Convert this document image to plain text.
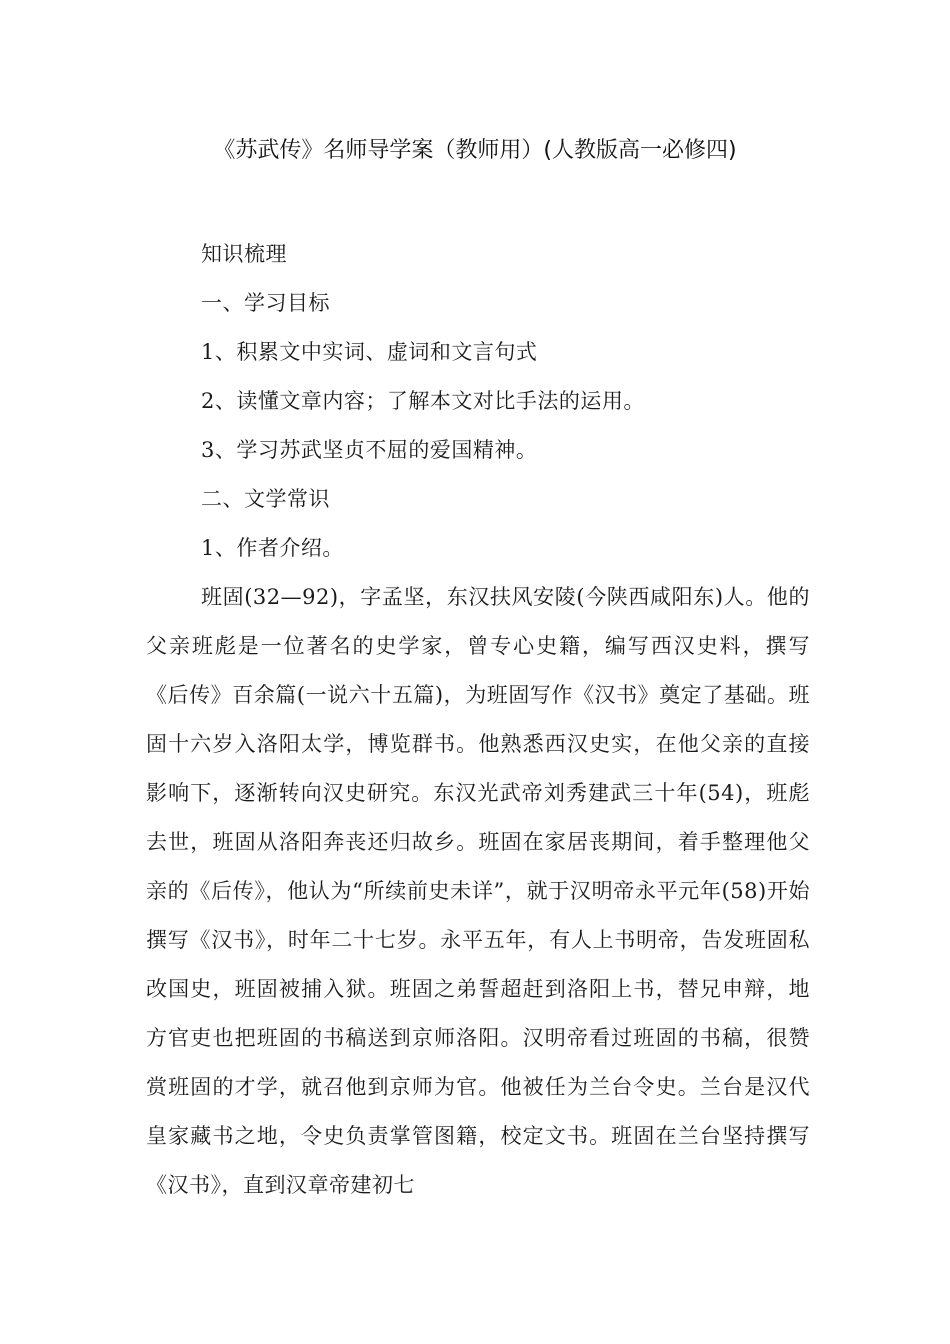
《苏武传》名师导学案（教师用）(人教版高一必修四)

知识梳理

一、学习目标

1、积累文中实词、虚词和文言句式

2、读懂文章内容；了解本文对比手法的运用。

3、学习苏武坚贞不屈的爱国精神。

二、文学常识

1、作者介绍。

班固(32—92)，字孟坚，东汉扶风安陵(今陕西咸阳东)人。他的父亲班彪是一位著名的史学家，曾专心史籍，编写西汉史料，撰写《后传》百余篇(一说六十五篇)，为班固写作《汉书》奠定了基础。班固十六岁入洛阳太学，博览群书。他熟悉西汉史实，在他父亲的直接影响下，逐渐转向汉史研究。东汉光武帝刘秀建武三十年(54)，班彪去世，班固从洛阳奔丧还归故乡。班固在家居丧期间，着手整理他父亲的《后传》，他认为“所续前史未详”，就于汉明帝永平元年(58)开始撰写《汉书》，时年二十七岁。永平五年，有人上书明帝，告发班固私改国史，班固被捕入狱。班固之弟誓超赶到洛阳上书，替兄申辩，地方官吏也把班固的书稿送到京师洛阳。汉明帝看过班固的书稿，很赞赏班固的才学，就召他到京师为官。他被任为兰台令史。兰台是汉代皇家藏书之地，令史负责掌管图籍，校定文书。班固在兰台坚持撰写《汉书》，直到汉章帝建初七
